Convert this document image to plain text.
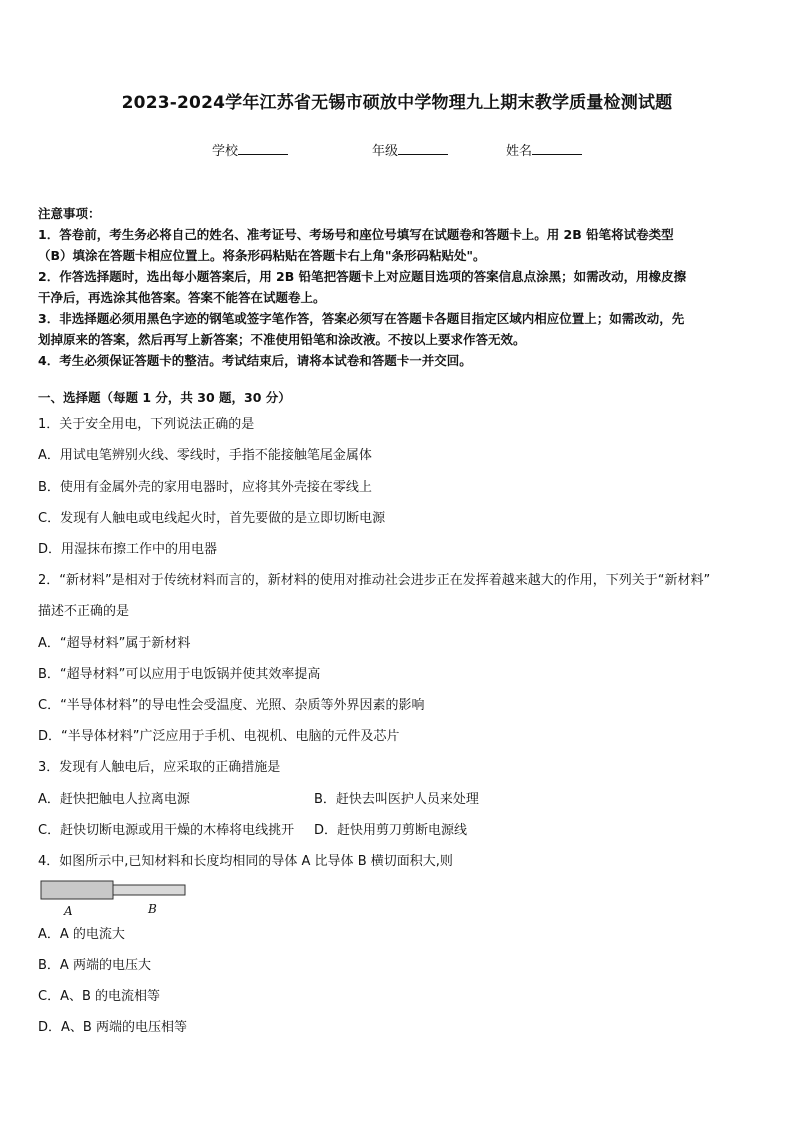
2023-2024学年江苏省无锡市硕放中学物理九上期末教学质量检测试题
学校	年级	姓名

注意事项：

1．答卷前，考生务必将自己的姓名、准考证号、考场号和座位号填写在试题卷和答题卡上。用 2B 铅笔将试卷类型

（B）填涂在答题卡相应位置上。将条形码粘贴在答题卡右上角"条形码粘贴处"。

2．作答选择题时，选出每小题答案后，用 2B 铅笔把答题卡上对应题目选项的答案信息点涂黑；如需改动，用橡皮擦

干净后，再选涂其他答案。答案不能答在试题卷上。

3．非选择题必须用黑色字迹的钢笔或签字笔作答，答案必须写在答题卡各题目指定区域内相应位置上；如需改动，先

划掉原来的答案，然后再写上新答案；不准使用铅笔和涂改液。不按以上要求作答无效。

4．考生必须保证答题卡的整洁。考试结束后，请将本试卷和答题卡一并交回。

一、选择题（每题 1 分，共 30 题，30 分）
1．关于安全用电，下列说法正确的是
A．用试电笔辨别火线、零线时，手指不能接触笔尾金属体
B．使用有金属外壳的家用电器时，应将其外壳接在零线上
C．发现有人触电或电线起火时，首先要做的是立即切断电源
D．用湿抹布擦工作中的用电器
2．“新材料”是相对于传统材料而言的，新材料的使用对推动社会进步正在发挥着越来越大的作用，下列关于“新材料”
描述不正确的是
A．“超导材料”属于新材料
B．“超导材料”可以应用于电饭锅并使其效率提高
C．“半导体材料”的导电性会受温度、光照、杂质等外界因素的影响
D．“半导体材料”广泛应用于手机、电视机、电脑的元件及芯片
3．发现有人触电后，应采取的正确措施是
A．赶快把触电人拉离电源	B．赶快去叫医护人员来处理
C．赶快切断电源或用干燥的木棒将电线挑开 D．赶快用剪刀剪断电源线
4．如图所示中,已知材料和长度均相同的导体 A 比导体 B 横切面积大,则
A	B
A．A 的电流大
B．A 两端的电压大
C．A、B 的电流相等
D．A、B 两端的电压相等
